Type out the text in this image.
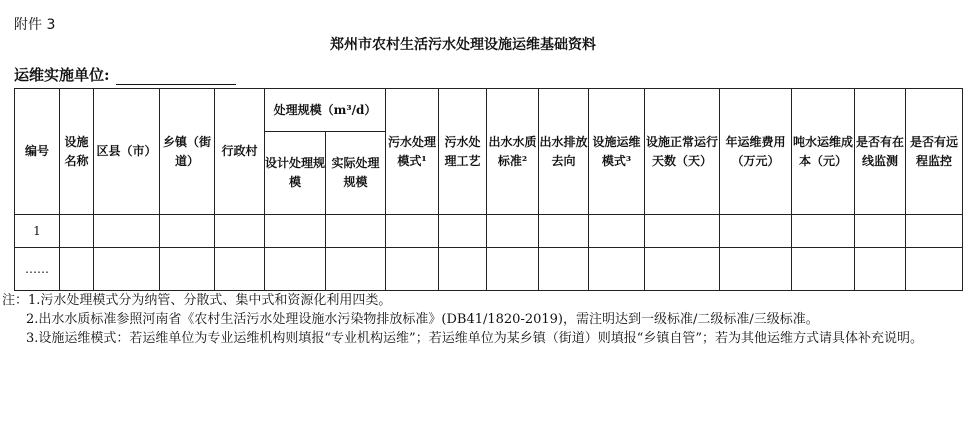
附件 3
郑州市农村生活污水处理设施运维基础资料
运维实施单位:
编号	设施名称	区县（市）	乡镇（街道）	行政村	处理规模（m³/d）		污水处理模式¹	污水处理工艺	出水水质标准²	出水排放去向	设施运维模式³	设施正常运行天数（天）	年运维费用（万元）	吨水运维成本（元）	是否有在线监测	是否有远程监控
					设计处理规模	实际处理规模										
1																
……																

注：1.污水处理模式分为纳管、分散式、集中式和资源化利用四类。

2.出水水质标准参照河南省《农村生活污水处理设施水污染物排放标准》(DB41/1820-2019)，需注明达到一级标准/二级标准/三级标准。

3.设施运维模式：若运维单位为专业运维机构则填报“专业机构运维”；若运维单位为某乡镇（街道）则填报“乡镇自管”；若为其他运维方式请具体补充说明。
